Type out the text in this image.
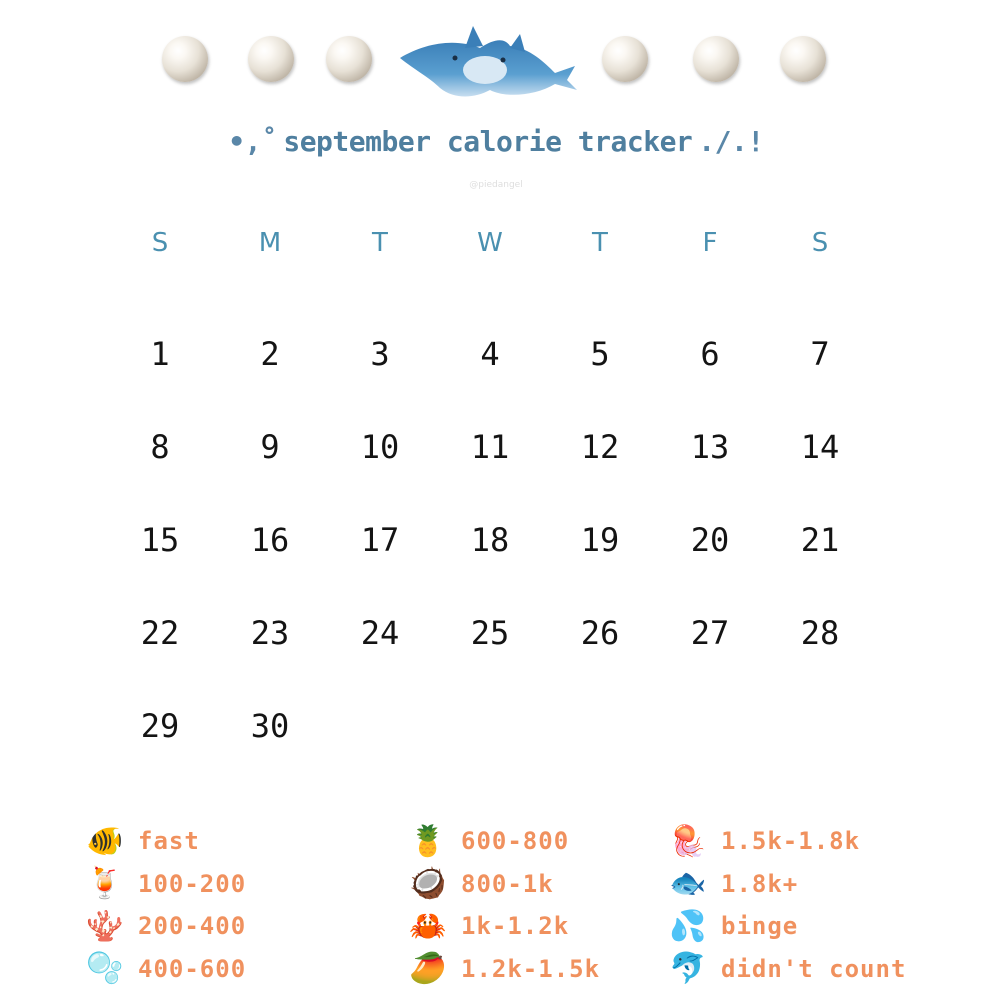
•,˚ september calorie tracker ./.!
@piedangel
S	M	T	W	T	F	S
1	2	3	4	5	6	7
8	9	10	11	12	13	14
15	16	17	18	19	20	21
22	23	24	25	26	27	28
29	30
🐠 fast
🍹 100-200
🪸 200-400
🫧 400-600
🍍 600-800
🥥 800-1k
🦀 1k-1.2k
🥭 1.2k-1.5k
🪼 1.5k-1.8k
🐟 1.8k+
💦 binge
🐬 didn't count
